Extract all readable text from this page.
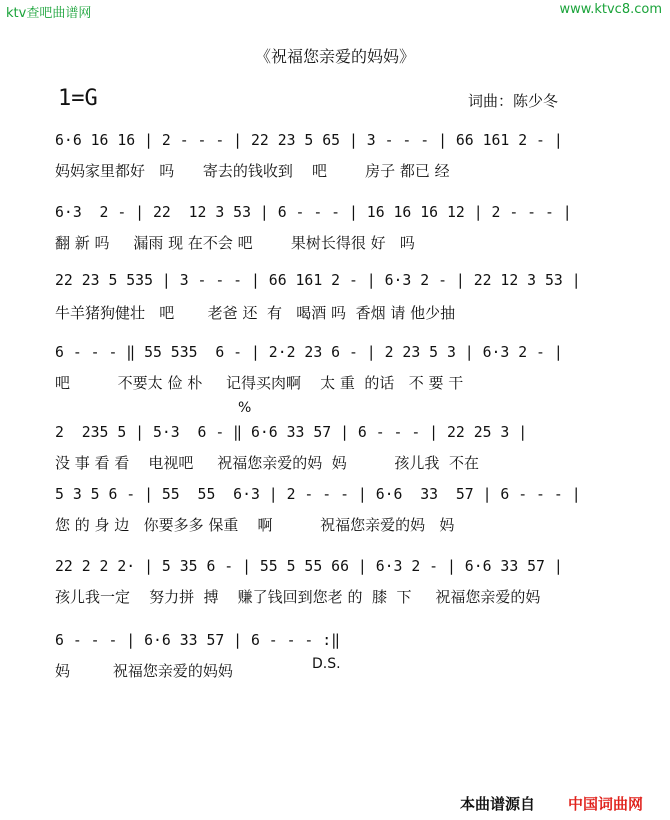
ktv查吧曲谱网	www.ktvc8.com
《祝福您亲爱的妈妈》
1=G	词曲：陈少冬
6·6 16 16 | 2 - - - | 22 23 5 65 | 3 - - - | 66 161 2 - |
妈妈家里都好   吗      寄去的钱收到    吧        房子 都已 经
6·3  2 - | 22  12 3 53 | 6 - - - | 16 16 16 12 | 2 - - - |
翻 新 吗     漏雨 现 在不会 吧        果树长得很 好   吗
22 23 5 535 | 3 - - - | 66 161 2 - | 6·3 2 - | 22 12 3 53 |
牛羊猪狗健壮   吧       老爸 还  有   喝酒 吗  香烟 请 他少抽
6 - - - ‖ 55 535  6 - | 2·2 23 6 - | 2 23 5 3 | 6·3 2 - |
吧          不要太 俭 朴     记得买肉啊    太 重  的话   不 要 干
%
2  235 5 | 5·3  6 - ‖ 6·6 33 57 | 6 - - - | 22 25 3 |
没 事 看 看    电视吧     祝福您亲爱的妈  妈          孩儿我  不在
5 3 5 6 - | 55  55  6·3 | 2 - - - | 6·6  33  57 | 6 - - - |
您 的 身 边   你要多多 保重    啊          祝福您亲爱的妈   妈
22 2 2 2· | 5 35 6 - | 55 5 55 66 | 6·3 2 - | 6·6 33 57 |
孩儿我一定    努力拼  搏    赚了钱回到您老 的  膝  下     祝福您亲爱的妈
6 - - - | 6·6 33 57 | 6 - - - :‖
妈         祝福您亲爱的妈妈	D.S.
本曲谱源自 中国词曲网
